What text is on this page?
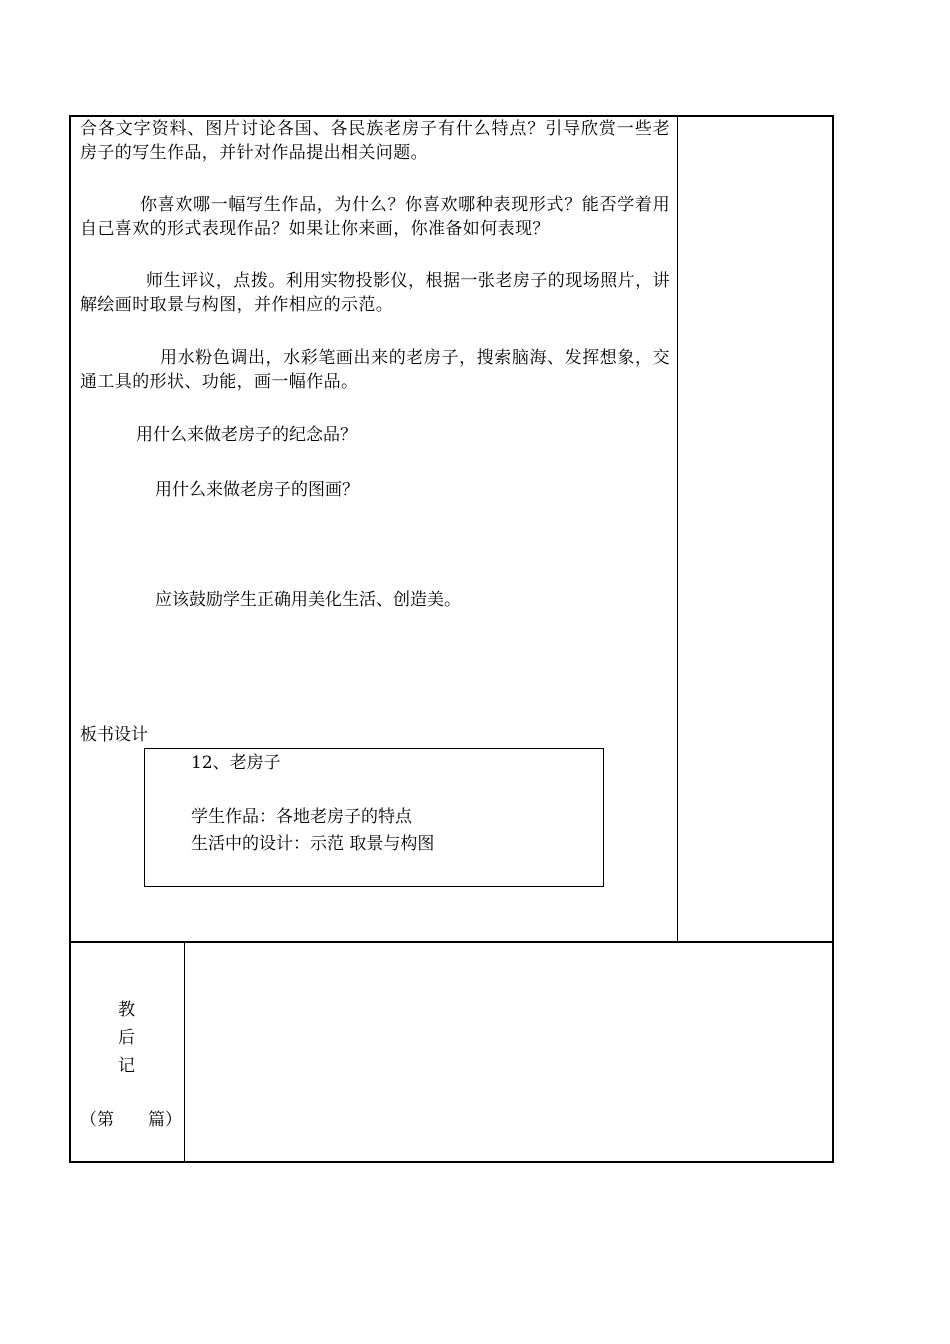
合各文字资料、图片讨论各国、各民族老房子有什么特点？引导欣赏一些老房子的写生作品，并针对作品提出相关问题。
你喜欢哪一幅写生作品，为什么？你喜欢哪种表现形式？能否学着用自己喜欢的形式表现作品？如果让你来画，你准备如何表现？
师生评议，点拨。利用实物投影仪，根据一张老房子的现场照片，讲解绘画时取景与构图，并作相应的示范。
用水粉色调出，水彩笔画出来的老房子，搜索脑海、发挥想象，交通工具的形状、功能，画一幅作品。
用什么来做老房子的纪念品？
用什么来做老房子的图画？
应该鼓励学生正确用美化生活、创造美。
板书设计
12、老房子
学生作品：各地老房子的特点
生活中的设计：示范 取景与构图
教
后
记
（第　　篇）
